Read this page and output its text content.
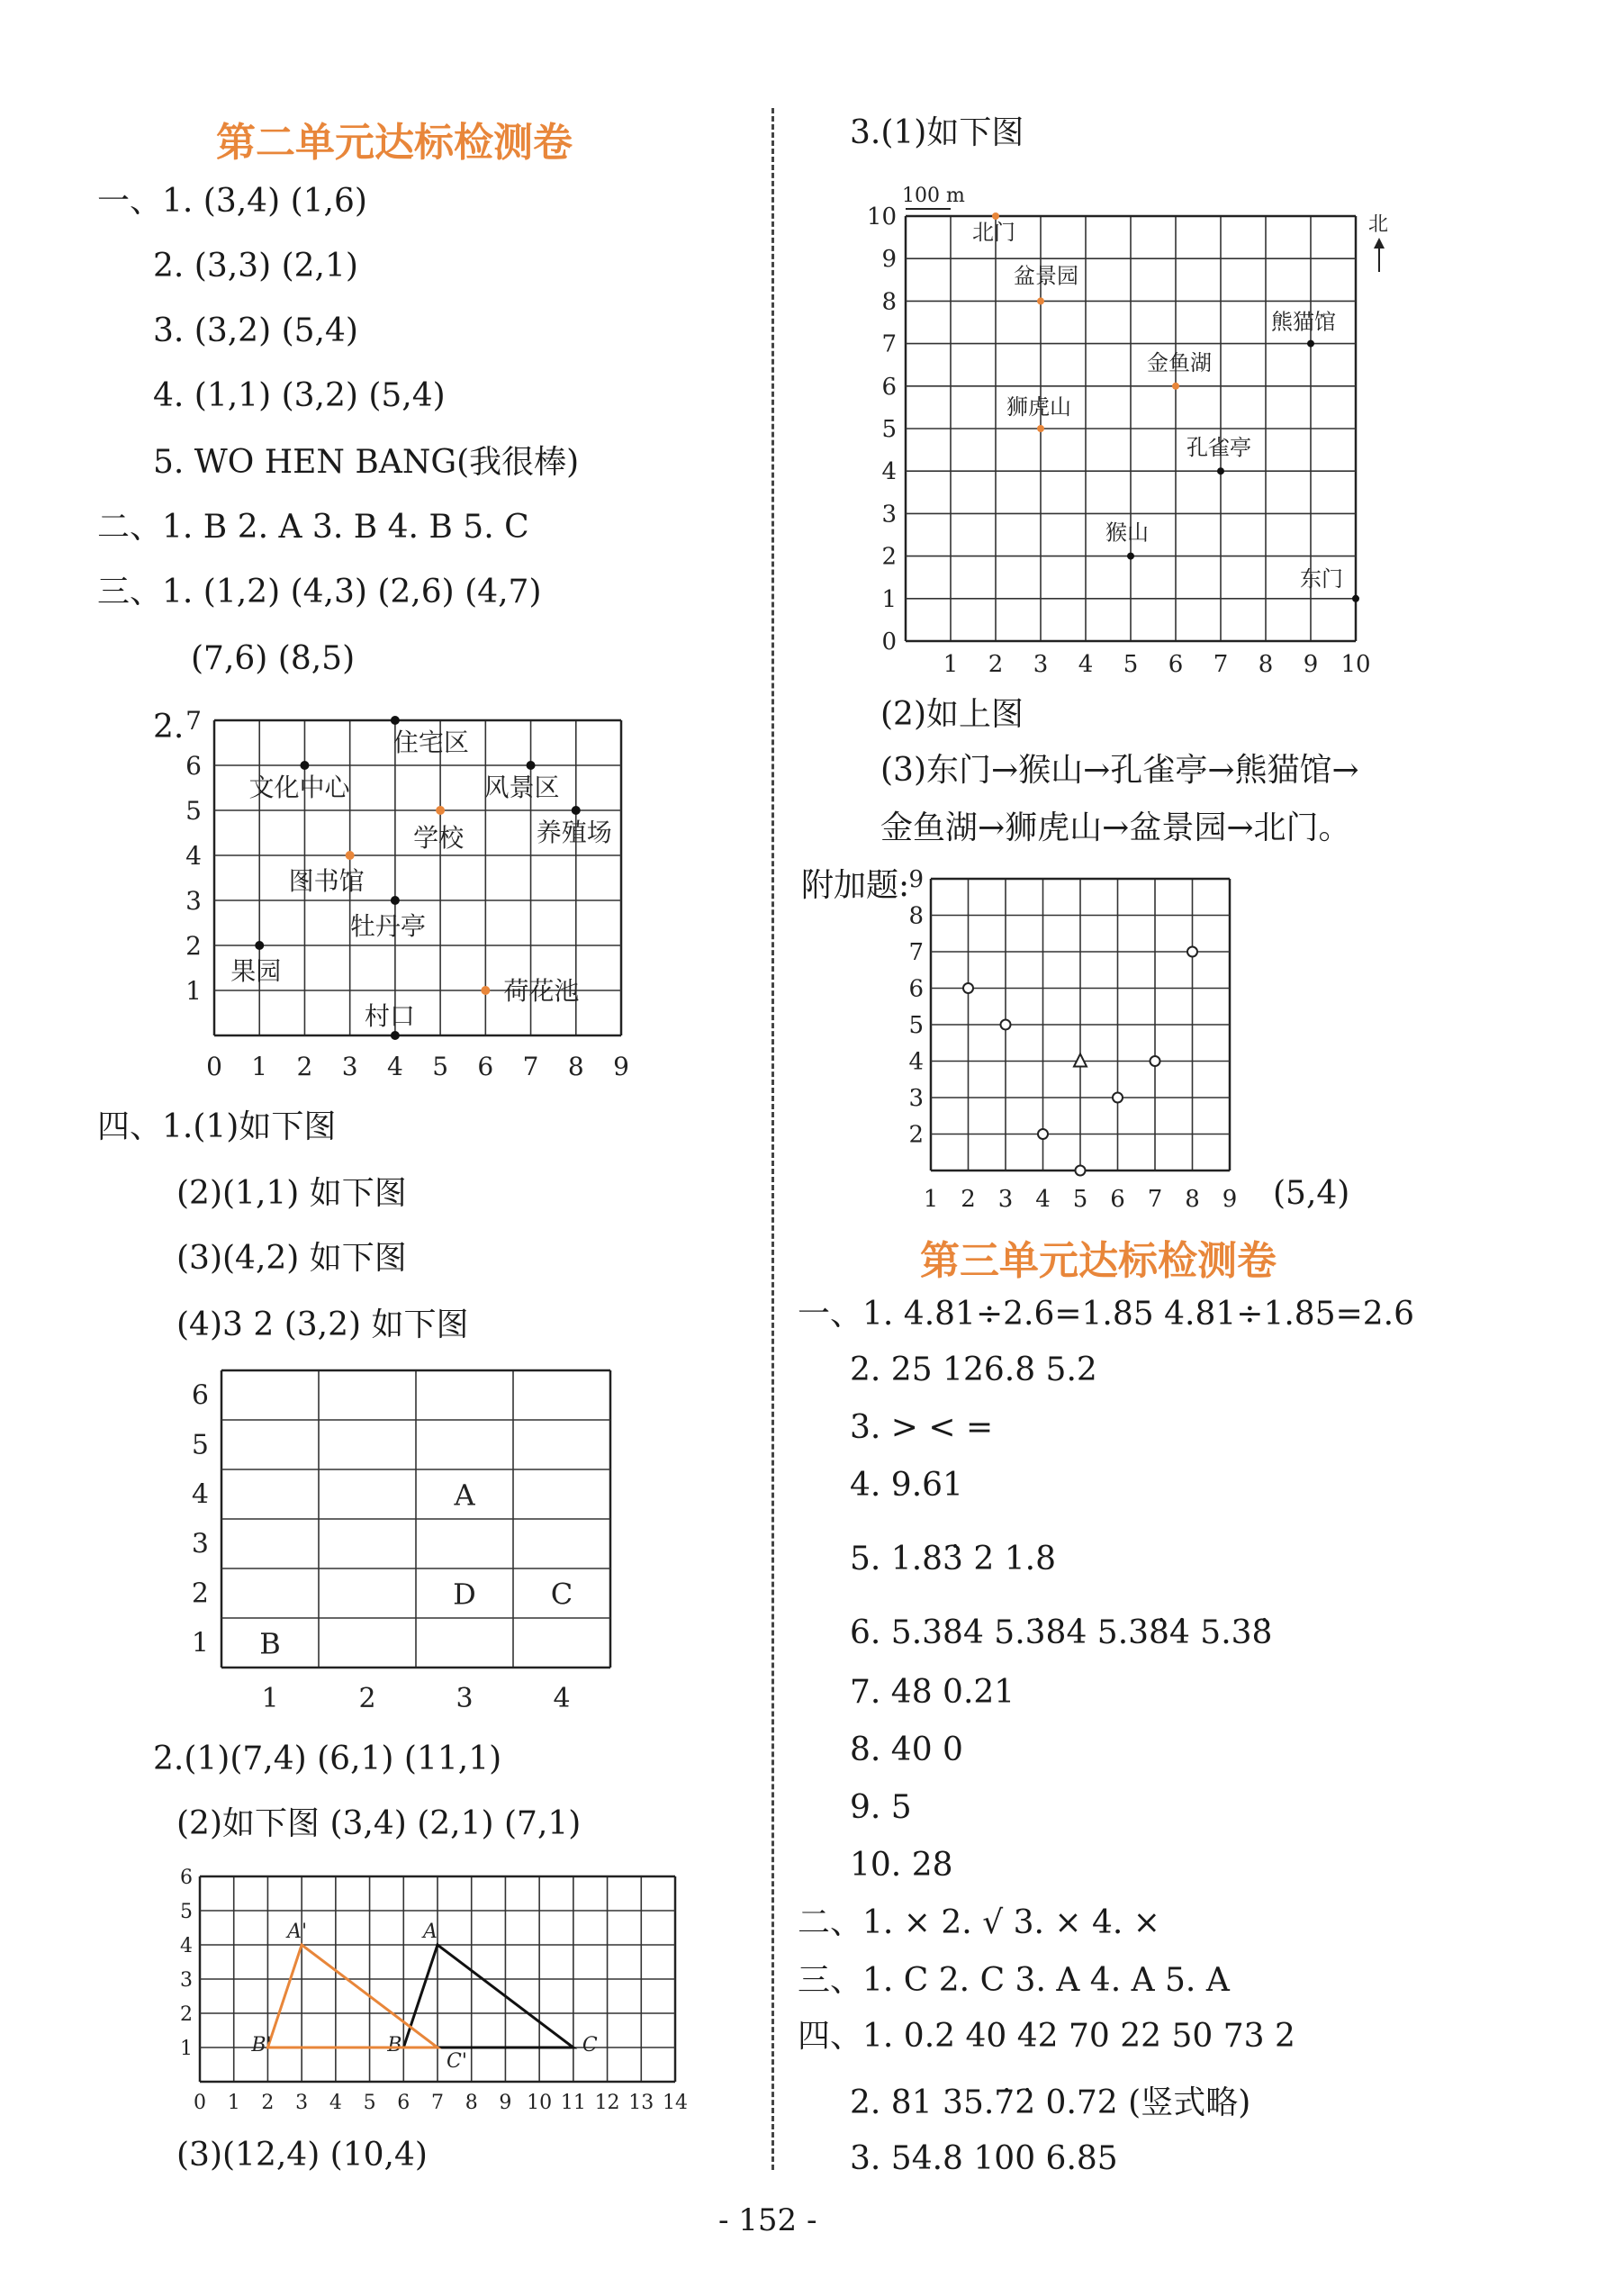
第二单元达标检测卷
一、1. (3,4) (1,6)
2. (3,3) (2,1)
3. (3,2) (5,4)
4. (1,1) (3,2) (5,4)
5. WO HEN BANG(我很棒)
二、1. B 2. A 3. B 4. B 5. C
三、1. (1,2) (4,3) (2,6) (4,7)
(7,6) (8,5)
2.
0 1 2 3 4 5 6 7 8 9
1
2
3
4
5
6
7
住宅区
文化中心	风景区
养殖场
学校
图书馆
牡丹亭
果园
荷花池
村口
1	2	3	4
1
2
3
4
5
6
A
D	C
B
0 1 2 3 4 5 6 7 8 9 10 11 12 13 14
1
2
3
4
5
6
A
B	C
A'
B'
C'
1 2 3 4 5 6 7 8 9 10
0
1
2
3
4
5
6
7
8
9
10
100 m
北
北门
盆景园
熊猫馆
金鱼湖
狮虎山
孔雀亭
猴山
东门
1 2 3 4 5 6 7 8 9
2
3
4
5
6
7
8
9
四、1.(1)如下图
(2)(1,1) 如下图
(3)(4,2) 如下图
(4)3 2 (3,2) 如下图
2.(1)(7,4) (6,1) (11,1)
(2)如下图 (3,4) (2,1) (7,1)
(3)(12,4) (10,4)
3.(1)如下图
(2)如上图
(3)东门→猴山→孔雀亭→熊猫馆→
金鱼湖→狮虎山→盆景园→北门。
附加题:
(5,4)
第三单元达标检测卷
一、1. 4.81÷2.6=1.85 4.81÷1.85=2.6
2. 25 126.8 5.2
3. > < =
4. 9.61
5. 1.83̇ 2 1.8
6. 5.384 5.3̇84̇ 5.38̇4̇ 5.38̇
7. 48 0.21
8. 40 0
9. 5
10. 28
二、1. × 2. √ 3. × 4. ×
三、1. C 2. C 3. A 4. A 5. A
四、1. 0.2 40 42 70 22 50 73 2
2. 81 35.7̇2̇ 0.72 (竖式略)
3. 54.8 100 6.85
- 152 -
